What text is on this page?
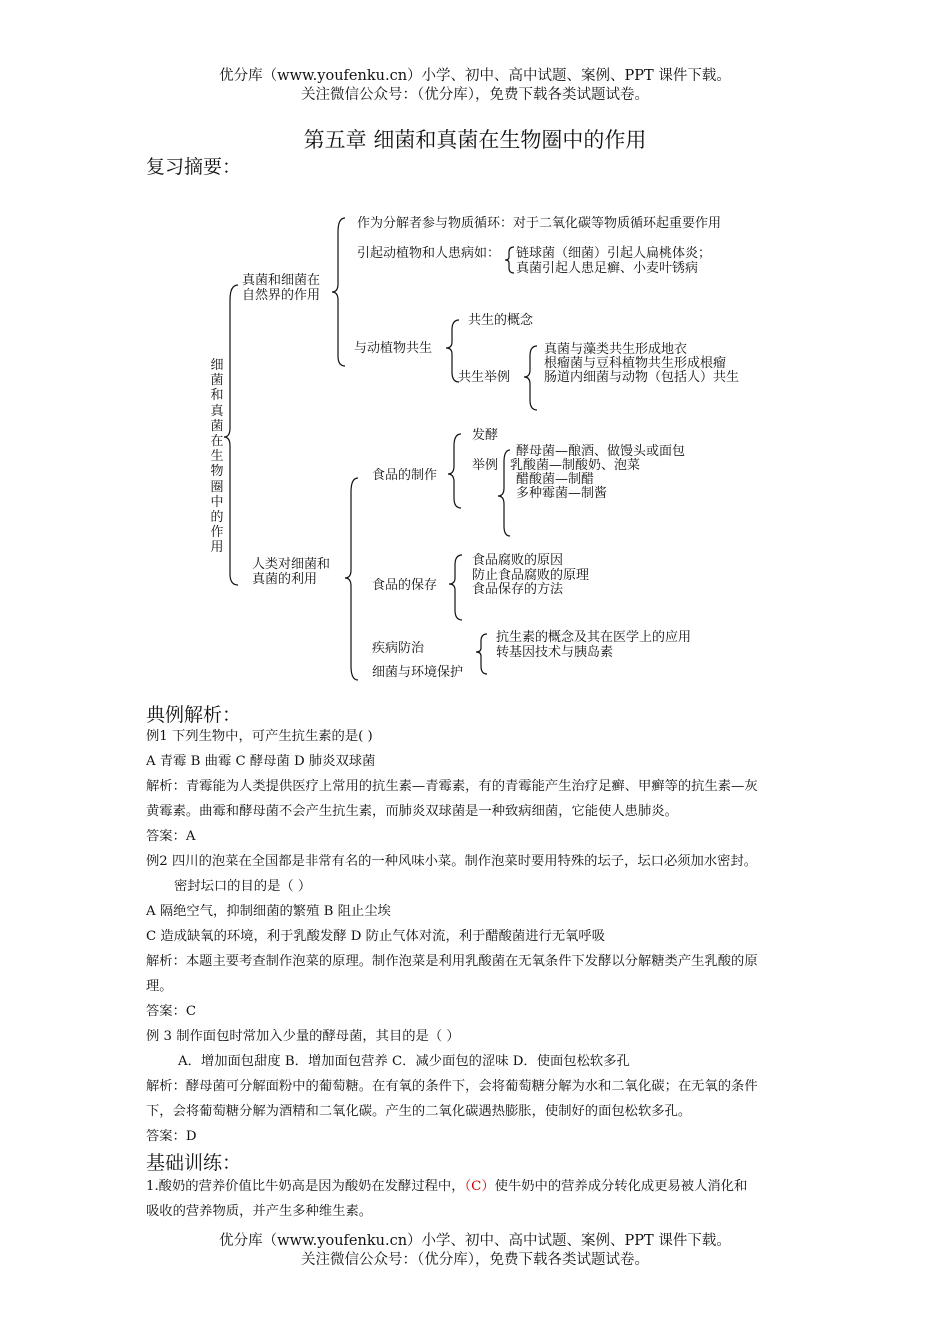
优分库（www.youfenku.cn）小学、初中、高中试题、案例、PPT 课件下载。
关注微信公众号：（优分库），免费下载各类试题试卷。
第五章 细菌和真菌在生物圈中的作用
复习摘要：
细
菌
和
真
菌
在
生
物
圈
中
的
作
用
真菌和细菌在
自然界的作用
作为分解者参与物质循环：对于二氧化碳等物质循环起重要作用
引起动植物和人患病如： 链球菌（细菌）引起人扁桃体炎；
真菌引起人患足癣、小麦叶锈病
与动植物共生
共生的概念
共生举例
真菌与藻类共生形成地衣
根瘤菌与豆科植物共生形成根瘤
肠道内细菌与动物（包括人）共生
人类对细菌和
真菌的利用
食品的制作
发酵
举例
酵母菌—酿酒、做馒头或面包
乳酸菌—制酸奶、泡菜
醋酸菌—制醋
多种霉菌—制酱
食品的保存
食品腐败的原因
防止食品腐败的原理
食品保存的方法
疾病防治
抗生素的概念及其在医学上的应用
转基因技术与胰岛素
细菌与环境保护
典例解析：
例1 下列生物中，可产生抗生素的是( )
A 青霉 B 曲霉 C 酵母菌 D 肺炎双球菌
解析：青霉能为人类提供医疗上常用的抗生素—青霉素，有的青霉能产生治疗足癣、甲癣等的抗生素—灰
黄霉素。曲霉和酵母菌不会产生抗生素，而肺炎双球菌是一种致病细菌，它能使人患肺炎。
答案：A
例2 四川的泡菜在全国都是非常有名的一种风味小菜。制作泡菜时要用特殊的坛子，坛口必须加水密封。
密封坛口的目的是（ ）
A 隔绝空气，抑制细菌的繁殖 B 阻止尘埃
C 造成缺氧的环境，利于乳酸发酵 D 防止气体对流，利于醋酸菌进行无氧呼吸
解析：本题主要考查制作泡菜的原理。制作泡菜是利用乳酸菌在无氧条件下发酵以分解糖类产生乳酸的原
理。
答案：C
例 3 制作面包时常加入少量的酵母菌，其目的是（ ）
A．增加面包甜度 B．增加面包营养 C．减少面包的涩味 D．使面包松软多孔
解析：酵母菌可分解面粉中的葡萄糖。在有氧的条件下，会将葡萄糖分解为水和二氧化碳；在无氧的条件
下，会将葡萄糖分解为酒精和二氧化碳。产生的二氧化碳遇热膨胀，使制好的面包松软多孔。
答案：D
基础训练：
1.酸奶的营养价值比牛奶高是因为酸奶在发酵过程中，（C）使牛奶中的营养成分转化成更易被人消化和
吸收的营养物质，并产生多种维生素。
优分库（www.youfenku.cn）小学、初中、高中试题、案例、PPT 课件下载。
关注微信公众号：（优分库），免费下载各类试题试卷。
